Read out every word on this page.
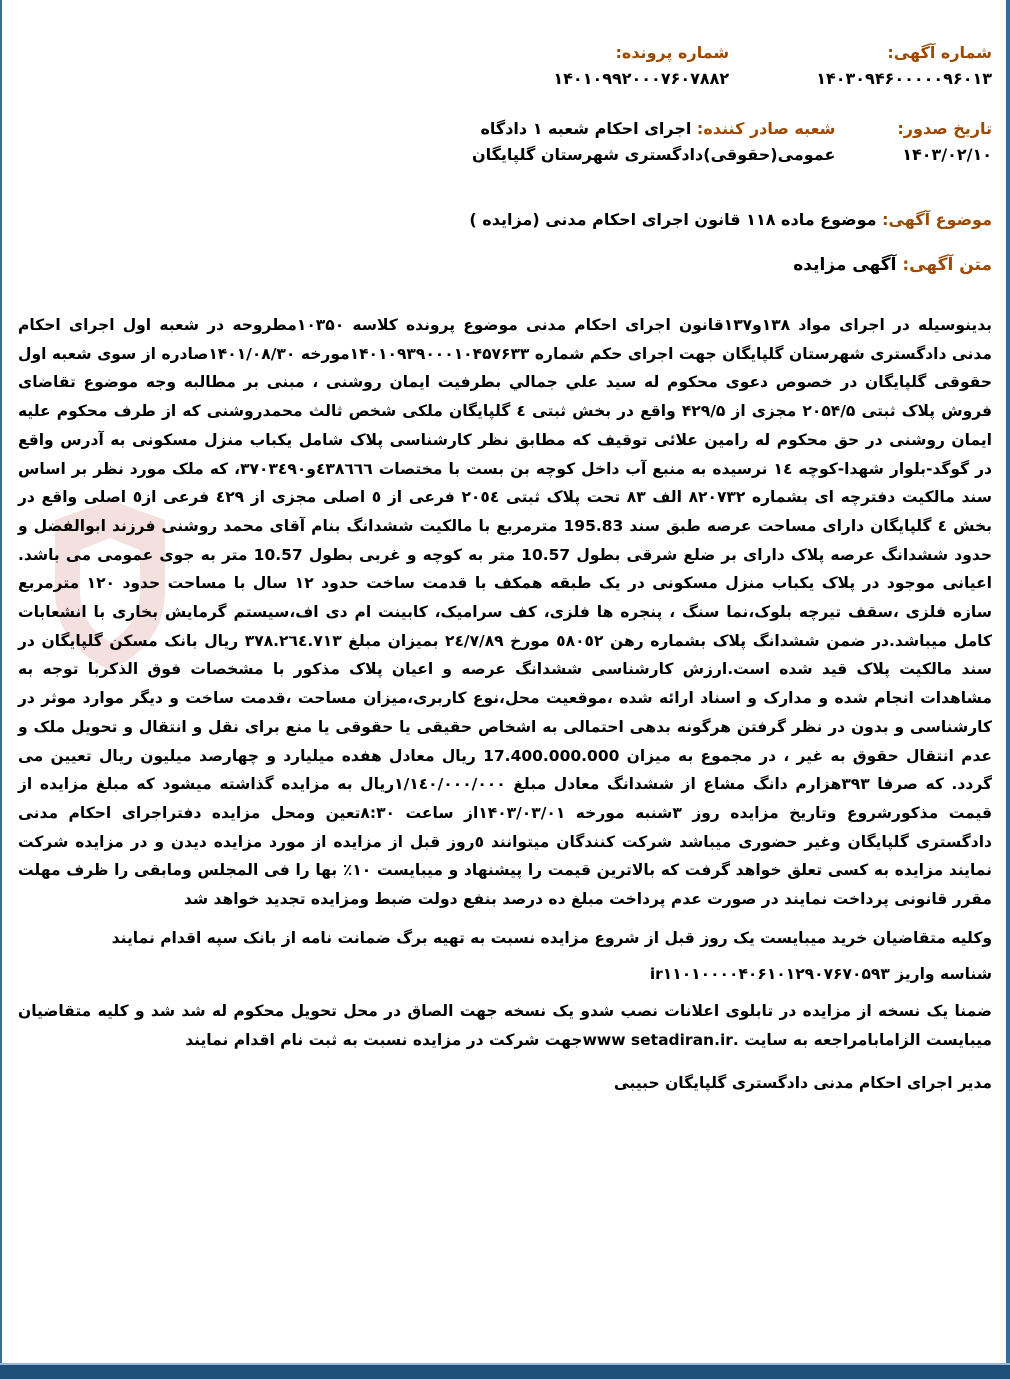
شماره آگهی: ۱۴۰۳۰۹۴۶۰۰۰۰۰۹۶۰۱۳
شماره پرونده: ۱۴۰۱۰۹۹۲۰۰۰۷۶۰۷۸۸۲
تاریخ صدور: ۱۴۰۳/۰۲/۱۰
شعبه صادر کننده: اجرای احکام شعبه ۱ دادگاه عمومی(حقوقی)دادگستری شهرستان گلپایگان
موضوع آگهی: موضوع ماده ۱۱۸ قانون اجرای احکام مدنی (مزایده )
متن آگهی: آگهی مزایده

بدینوسیله در اجرای مواد ۱۳۸و۱۳۷قانون اجرای احکام مدنی موضوع پرونده کلاسه ۱۰۳۵۰مطروحه در شعبه اول اجرای احکام مدنی دادگستری شهرستان گلپایگان جهت اجرای حکم شماره ۱۴۰۱۰۹۳۹۰۰۰۱۰۴۵۷۶۳۳مورخه ۱۴۰۱/۰۸/۳۰صادره از سوی شعبه اول حقوقی گلپایگان در خصوص دعوی محکوم له سید علي جمالي بطرفيت ايمان روشنی ، مبنی بر مطالبه وجه موضوع تقاضای فروش پلاک ثبتی ۲۰۵۴/۵ مجزی از ۴۲۹/۵ واقع در بخش ثبتی ٤ گلپایگان ملکی شخص ثالث محمدروشنی که از طرف محکوم علیه ایمان روشنی در حق محکوم له رامین علائی توقیف که مطابق نظر کارشناسی پلاک شامل یکباب منزل مسکونی به آدرس واقع در گوگد-بلوار شهدا-کوچه ١٤ نرسیده به منبع آب داخل کوچه بن بست با مختصات ٤٣٨٦٦٦و٣٧٠٣٤٩٠، که ملک مورد نظر بر اساس سند مالکیت دفترچه ای بشماره ۸۲۰۷۳۲ الف ۸۳ تحت پلاک ثبتی ۲۰٥٤ فرعی از ٥ اصلی مجزی از ٤۲۹ فرعی از٥ اصلی واقع در بخش ٤ گلپایگان دارای مساحت عرصه طبق سند 195.83 مترمربع با مالکیت ششدانگ بنام آقای محمد روشنی فرزند ابوالفضل و حدود ششدانگ عرصه پلاک دارای بر ضلع شرقی بطول 10.57 متر به کوچه و غربی بطول 10.57 متر به جوی عمومی می باشد. اعیانی موجود در پلاک یکباب منزل مسکونی در یک طبقه همکف با قدمت ساخت حدود ١٢ سال با مساحت حدود ١٢٠ مترمربع سازه فلزی ،سقف تیرچه بلوک،نما سنگ ، پنجره ها فلزی، کف سرامیک، کابینت ام دی اف،سیستم گرمایش بخاری با انشعابات کامل میباشد.در ضمن ششدانگ پلاک بشماره رهن ٥٨٠٥٢ مورخ ٢٤/٧/٨٩ بمیزان مبلغ ٣٧٨.٢٦٤.٧١٣ ریال بانک مسکن گلپایگان در سند مالکیت پلاک قید شده است.ارزش کارشناسی ششدانگ عرصه و اعیان پلاک مذکور با مشخصات فوق الذکربا توجه به مشاهدات انجام شده و مدارک و اسناد ارائه شده ،موقعیت محل،نوع کاربری،میزان مساحت ،قدمت ساخت و دیگر موارد موثر در کارشناسی و بدون در نظر گرفتن هرگونه بدهی احتمالی به اشخاص حقیقی یا حقوقی یا منع برای نقل و انتقال و تحویل ملک و عدم انتقال حقوق به غیر ، در مجموع به میزان 17.400.000.000 ریال معادل هفده میلیارد و چهارصد میلیون ریال تعیین می گردد. که صرفا ٣٩٣هزارم دانگ مشاع از ششدانگ معادل مبلغ ١/١٤٠/٠٠٠/٠٠٠ریال به مزایده گذاشته میشود که مبلغ مزایده از قیمت مذکورشروع وتاریخ مزایده روز ۳شنبه مورخه ۱۴۰۳/۰۳/۰۱از ساعت ۸:۳۰تعین ومحل مزایده دفتراجرای احکام مدنی دادگستری گلپایگان وغیر حضوری میباشد شرکت کنندگان میتوانند ٥روز قبل از مزایده از مورد مزایده دیدن و در مزایده شرکت نمایند مزایده به کسی تعلق خواهد گرفت که بالاترین قیمت را پیشنهاد و میبایست ۱۰٪ بها را فی المجلس ومابقی را ظرف مهلت مقرر قانونی پرداخت نمایند در صورت عدم پرداخت مبلغ ده درصد بنفع دولت ضبط ومزایده تجدید خواهد شد

وکلیه متقاضیان خرید میبایست یک روز قبل از شروع مزایده نسبت به تهیه برگ ضمانت نامه از بانک سپه اقدام نمایند

شناسه واریز ir۱۱۰۱۰۰۰۰۴۰۶۱۰۱۲۹۰۷۶۷۰۵۹۳

ضمنا یک نسخه از مزایده در تابلوی اعلانات نصب شدو یک نسخه جهت الصاق در محل تحویل محکوم له شد شد و کلیه متقاضیان میبایست الزامابامراجعه به سایت .www setadiran.irجهت شرکت در مزایده نسبت به ثبت نام اقدام نمایند

مدیر اجرای احکام مدنی دادگستری گلپایگان حبیبی
